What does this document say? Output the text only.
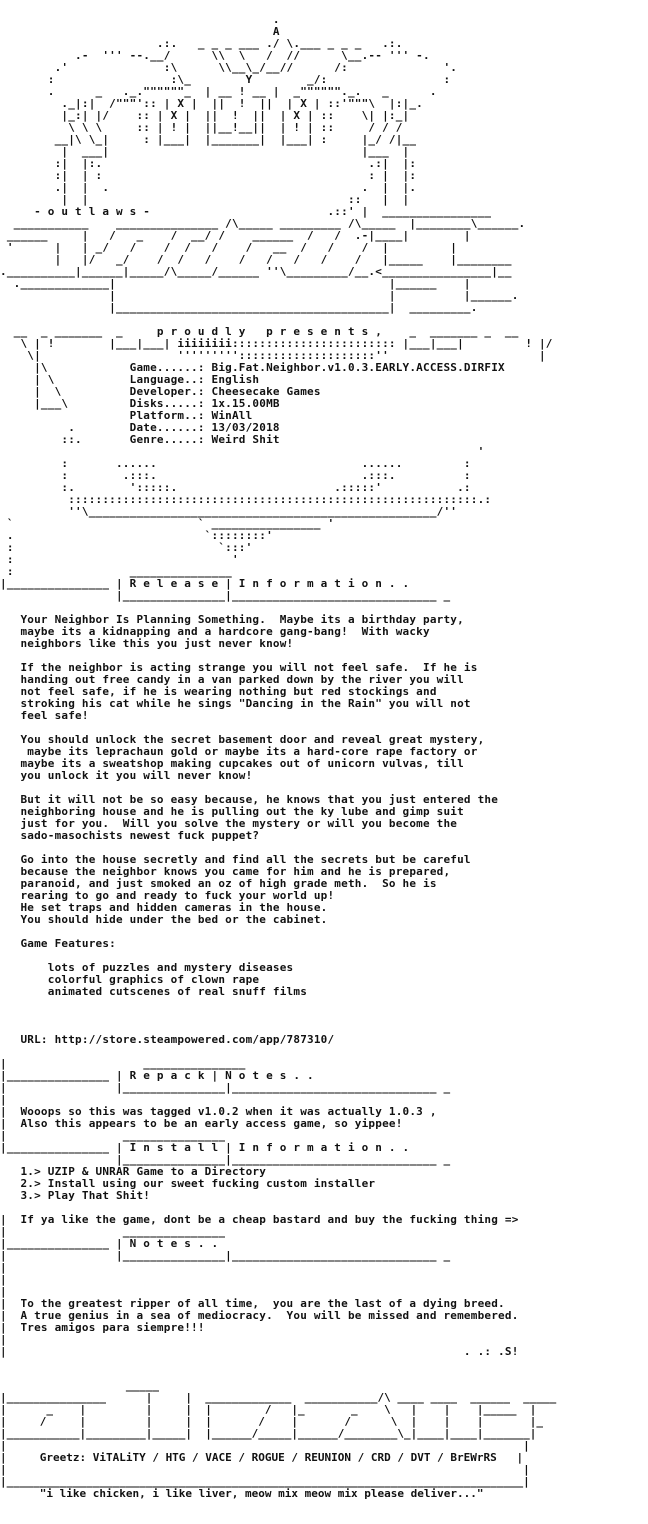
.
A
.:.   _ _ _ ___ ./ \.___ _ _ _   .:.
.-  ''' --.__/      \\  \   /  //      \__.-- ''' -.
.'              :\      \\__\_/__//      /:              '.
:                 :\_        Y        _/:                 :
.      _   ._.""""""_  | __ ! __ |  _""""""._.   _      .
._|:|  /"""':: | X |  ||  !  ||  | X | ::'"""\  |:|_.
|_:| |/    :: | X |  ||  !  ||  | X | ::    \| |:_|
\ \ \     :: | ! |  ||__!__||  | ! | ::     / / /
__|\ \_|     : |___|  |_______|  |___| :     |_/ /|__
|  ___|                                     |___  |
:|  |:.                                       .:|  |:
:|  | :                                       : |  |:
.|  |  .                                     .  |  |.
|  |                                      ::   |  |
- o u t l a w s -                          .::' |  ________________
___________    _______________ /\_____ _________ /\_____  |________\______.
______     |   /   _    /  __/ /    ______  /   /  .-|____|        |
'      |   | _/   /    /  /   /    /   __  /   /    /  |         |
|   |/   _/    /  /   /    /   /   /   /    /   |_____    |________
.__________|______|_____/\_____/______ ''\_________/__.<________________|__
._____________|                                        |______    |
|                                        |          |______.
|________________________________________|  _________.

__  _ _______  _     p r o u d l y   p r e s e n t s ,    _  _______ _  __
\ | !        |___|___| iiiiiiii:::::::::::::::::::::::: |___|___|         ! |/
\|                    '''''''''::::::::::::::::::::''                      |
|\            Game......: Big.Fat.Neighbor.v1.0.3.EARLY.ACCESS.DIRFIX
| \           Language..: English
|  \          Developer.: Cheesecake Games
|___\         Disks.....: 1x.15.00MB
Platform..: WinAll
.        Date......: 13/03/2018
::.       Genre.....: Weird Shit
'
:       ......                              ......         :
:        .:::.                              .:::.          :
:.        ':::::.                       .:::::'           .:
::::::::::::::::::::::::::::::::::::::::::::::::::::::::::::.:
''\___________________________________________________/''
`                           ` ________________ '
.                            `::::::::'
:                              `:::'
:                                '
:                 _______________
|_______________ | R e l e a s e | I n f o r m a t i o n . .
|_______________|______________________________ _

Your Neighbor Is Planning Something.  Maybe its a birthday party,
maybe its a kidnapping and a hardcore gang-bang!  With wacky
neighbors like this you just never know!

If the neighbor is acting strange you will not feel safe.  If he is
handing out free candy in a van parked down by the river you will
not feel safe, if he is wearing nothing but red stockings and
stroking his cat while he sings "Dancing in the Rain" you will not
feel safe!

You should unlock the secret basement door and reveal great mystery,
maybe its leprachaun gold or maybe its a hard-core rape factory or
maybe its a sweatshop making cupcakes out of unicorn vulvas, till
you unlock it you will never know!

But it will not be so easy because, he knows that you just entered the
neighboring house and he is pulling out the ky lube and gimp suit
just for you.  Will you solve the mystery or will you become the
sado-masochists newest fuck puppet?

Go into the house secretly and find all the secrets but be careful
because the neighbor knows you came for him and he is prepared,
paranoid, and just smoked an oz of high grade meth.  So he is
rearing to go and ready to fuck your world up!
He set traps and hidden cameras in the house.
You should hide under the bed or the cabinet.

Game Features:

lots of puzzles and mystery diseases
colorful graphics of clown rape
animated cutscenes of real snuff films

URL: http://store.steampowered.com/app/787310/

|                    _______________
|_______________ | R e p a c k | N o t e s . .
|                |_______________|______________________________ _
|
|  Wooops so this was tagged v1.0.2 when it was actually 1.0.3 ,
|  Also this appears to be an early access game, so yippee!
|                 _______________
|_______________ | I n s t a l l | I n f o r m a t i o n . .
|_______________|______________________________ _
1.> UZIP & UNRAR Game to a Directory
2.> Install using our sweet fucking custom installer
3.> Play That Shit!

|  If ya like the game, dont be a cheap bastard and buy the fucking thing =>
|                 _______________
|_______________ | N o t e s . .
|                |_______________|______________________________ _
|
|
|
|  To the greatest ripper of all time,  you are the last of a dying breed.
|  A true genius in a sea of mediocracy.  You will be missed and remembered.
|  Tres amigos para siempre!!!
|
|                                                                   . .: .S!

_____
|_______________      |     |  _____________  ___________/\ ____ ____  ______  _____
|      _    |         |     |  |        /   |_       _    \   |    |    |_____  |
|     /     |         |     |  |       /    |       /      \  |    |    |       |_
|___________|_________|_____|  |______/_____|______/________\_|____|____|_______|
|                                                                              |
|     Greetz: ViTALiTY / HTG / VACE / ROGUE / REUNION / CRD / DVT / BrEWrRS   |
|                                                                              |
|______________________________________________________________________________|
"i like chicken, i like liver, meow mix meow mix please deliver..."
